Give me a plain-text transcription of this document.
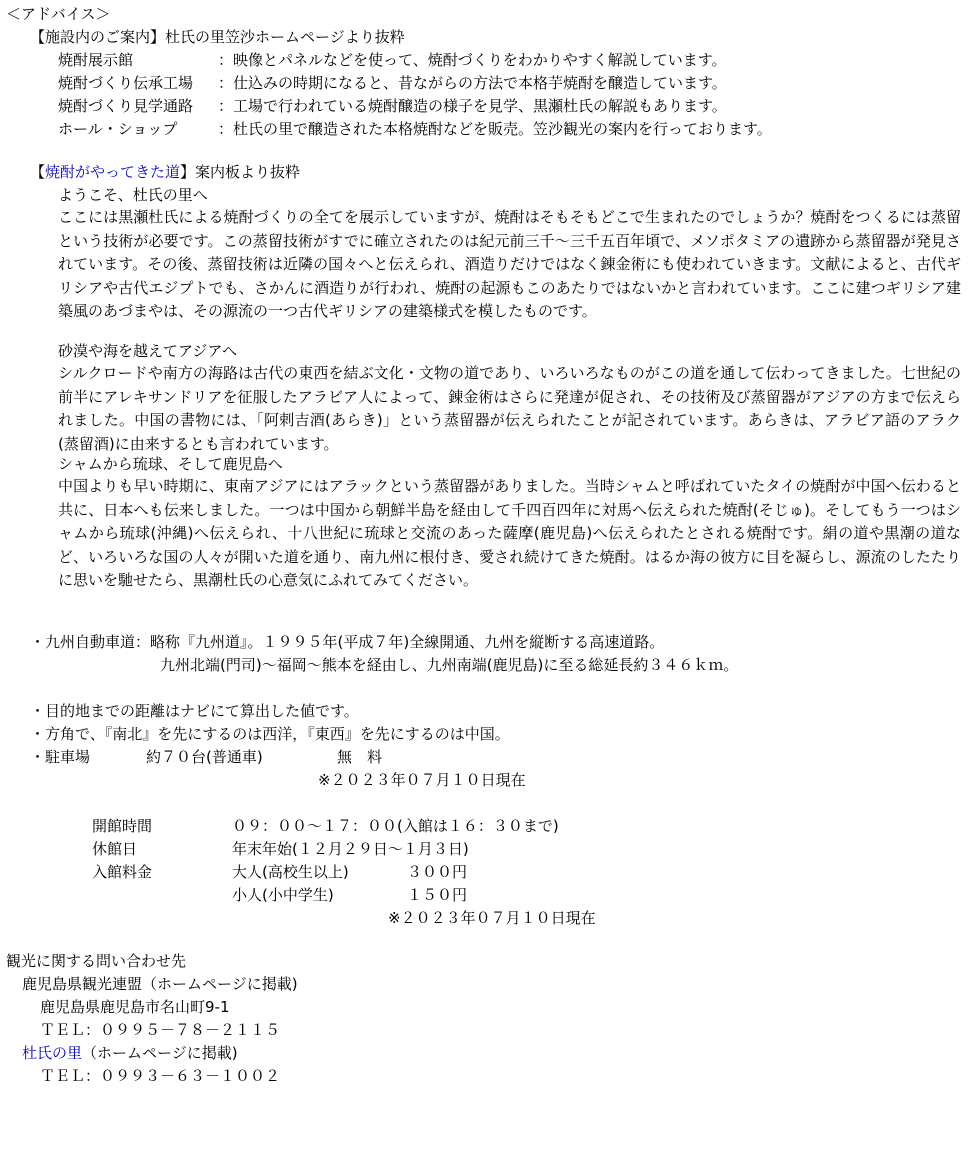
＜アドバイス＞
【施設内のご案内】杜氏の里笠沙ホームページより抜粋
焼酎展示館	：映像とパネルなどを使って、焼酎づくりをわかりやすく解説しています。
焼酎づくり伝承工場 ：仕込みの時期になると、昔ながらの方法で本格芋焼酎を醸造しています。
焼酎づくり見学通路 ：工場で行われている焼酎醸造の様子を見学、黒瀬杜氏の解説もあります。
ホール・ショップ	：杜氏の里で醸造された本格焼酎などを販売。笠沙観光の案内を行っております。
【焼酎がやってきた道】案内板より抜粋
ようこそ、杜氏の里へ
ここには黒瀬杜氏による焼酎づくりの全てを展示していますが、焼酎はそもそもどこで生まれたのでしょうか？焼酎をつくるには蒸留という技術が必要です。この蒸留技術がすでに確立されたのは紀元前三千～三千五百年頃で、メソポタミアの遺跡から蒸留器が発見されています。その後、蒸留技術は近隣の国々へと伝えられ、酒造りだけではなく錬金術にも使われていきます。文献によると、古代ギリシアや古代エジプトでも、さかんに酒造りが行われ、焼酎の起源もこのあたりではないかと言われています。ここに建つギリシア建築風のあづまやは、その源流の一つ古代ギリシアの建築様式を模したものです。
砂漠や海を越えてアジアへ
シルクロードや南方の海路は古代の東西を結ぶ文化・文物の道であり、いろいろなものがこの道を通して伝わってきました。七世紀の前半にアレキサンドリアを征服したアラビア人によって、錬金術はさらに発達が促され、その技術及び蒸留器がアジアの方まで伝えられました。中国の書物には、「阿剌吉酒(あらき)」という蒸留器が伝えられたことが記されています。あらきは、アラビア語のアラク(蒸留酒)に由来するとも言われています。
シャムから琉球、そして鹿児島へ
中国よりも早い時期に、東南アジアにはアラックという蒸留器がありました。当時シャムと呼ばれていたタイの焼酎が中国へ伝わると共に、日本へも伝来しました。一つは中国から朝鮮半島を経由して千四百四年に対馬へ伝えられた焼酎(そじゅ)。そしてもう一つはシャムから琉球(沖縄)へ伝えられ、十八世紀に琉球と交流のあった薩摩(鹿児島)へ伝えられたとされる焼酎です。絹の道や黒潮の道など、いろいろな国の人々が開いた道を通り、南九州に根付き、愛され続けてきた焼酎。はるか海の彼方に目を凝らし、源流のしたたりに思いを馳せたら、黒潮杜氏の心意気にふれてみてください。
・九州自動車道：略称『九州道』。１９９５年(平成７年)全線開通、九州を縦断する高速道路。
九州北端(門司)～福岡～熊本を経由し、九州南端(鹿児島)に至る総延長約３４６ｋｍ。
・目的地までの距離はナビにて算出した値です。
・方角で、『南北』を先にするのは西洋，『東西』を先にするのは中国。
・駐車場	約７０台(普通車)	無　料
※２０２３年０７月１０日現在
開館時間	０９：００～１７：００(入館は１６：３０まで)
休館日	年末年始(１２月２９日～１月３日)
入館料金	大人(高校生以上)	３００円
小人(小中学生)	１５０円
※２０２３年０７月１０日現在
観光に関する問い合わせ先
鹿児島県観光連盟（ホームページに掲載)
鹿児島県鹿児島市名山町9-1
ＴＥＬ：０９９５－７８－２１１５
杜氏の里（ホームページに掲載)
ＴＥＬ：０９９３－６３－１００２
